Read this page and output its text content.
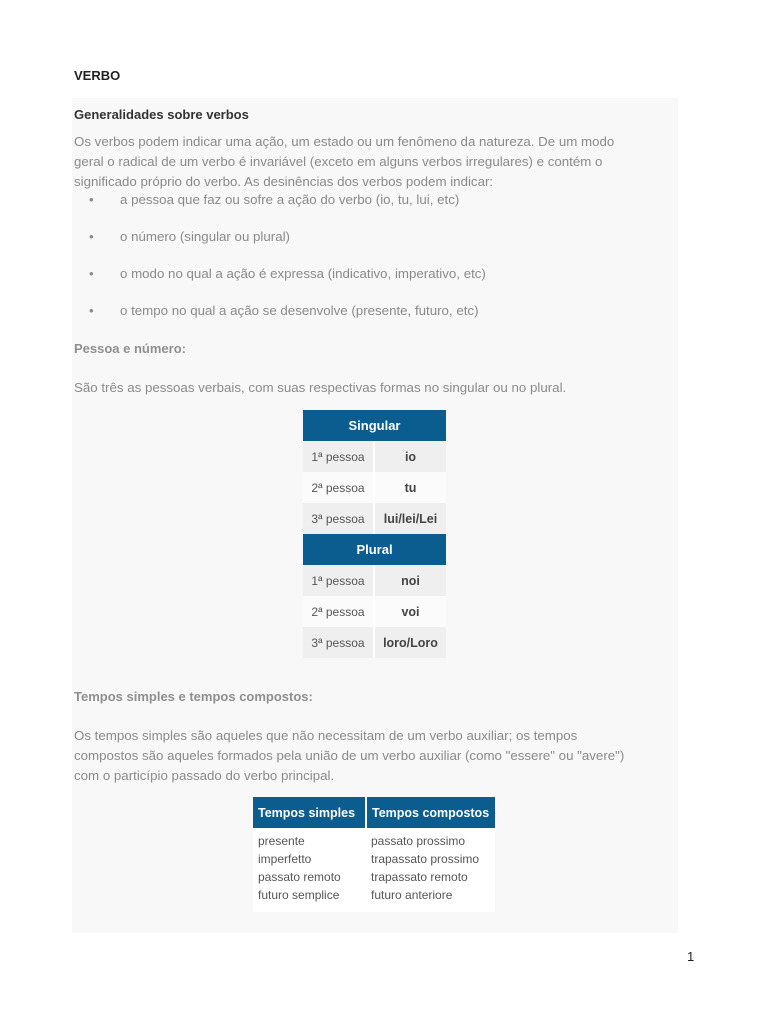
VERBO
Generalidades sobre verbos

Os verbos podem indicar uma ação, um estado ou um fenômeno da natureza. De um modo
geral o radical de um verbo é invariável (exceto em alguns verbos irregulares) e contém o
significado próprio do verbo. As desinências dos verbos podem indicar:

• a pessoa que faz ou sofre a ação do verbo (io, tu, lui, etc)
• o número (singular ou plural)
• o modo no qual a ação é expressa (indicativo, imperativo, etc)
• o tempo no qual a ação se desenvolve (presente, futuro, etc)
Pessoa e número:

São três as pessoas verbais, com suas respectivas formas no singular ou no plural.

Singular	
1ª pessoa	io
2ª pessoa	tu
3ª pessoa	lui/lei/Lei
Plural	
1ª pessoa	noi
2ª pessoa	voi
3ª pessoa	loro/Loro
Tempos simples e tempos compostos:

Os tempos simples são aqueles que não necessitam de um verbo auxiliar; os tempos
compostos são aqueles formados pela união de um verbo auxiliar (como "essere" ou "avere")
com o particípio passado do verbo principal.

Tempos simples	Tempos compostos
presente	passato prossimo
imperfetto	trapassato prossimo
passato remoto	trapassato remoto
futuro semplice	futuro anteriore
1
